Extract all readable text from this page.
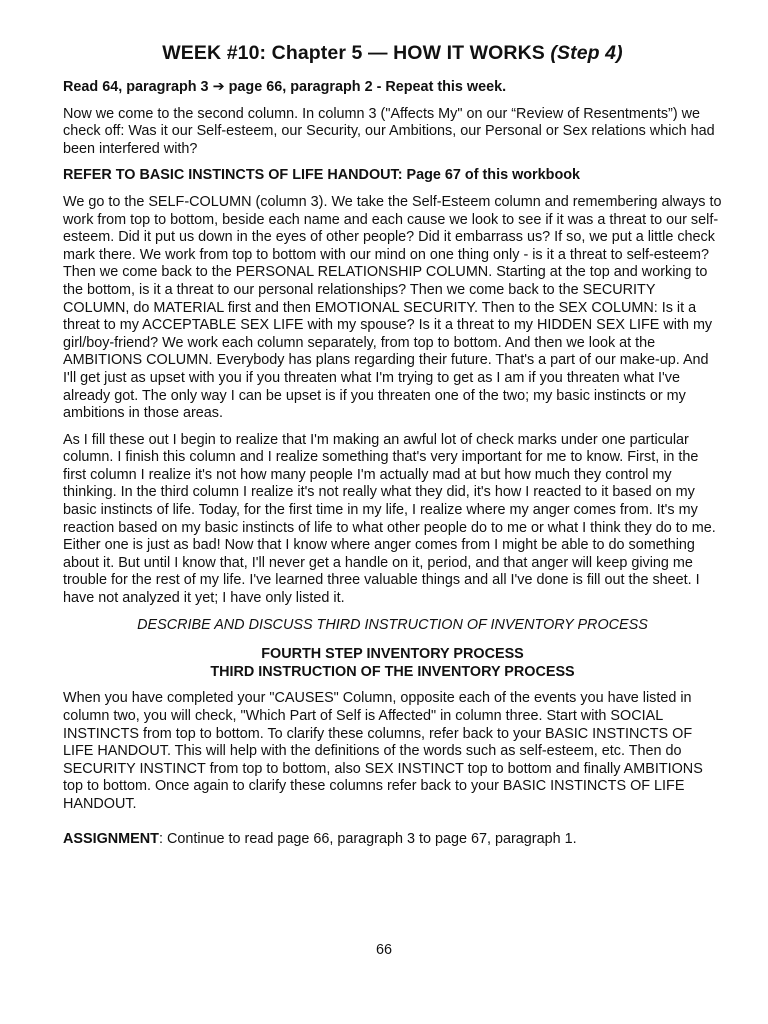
WEEK #10: Chapter 5 — HOW IT WORKS (Step 4)

Read 64, paragraph 3 ➔ page 66, paragraph 2 - Repeat this week.

Now we come to the second column. In column 3 ("Affects My" on our “Review of Resentments”) we check off: Was it our Self-esteem, our Security, our Ambitions, our Personal or Sex relations which had been interfered with?

REFER TO BASIC INSTINCTS OF LIFE HANDOUT: Page 67 of this workbook

We go to the SELF-COLUMN (column 3). We take the Self-Esteem column and remembering always to work from top to bottom, beside each name and each cause we look to see if it was a threat to our self-esteem. Did it put us down in the eyes of other people? Did it embarrass us? If so, we put a little check mark there. We work from top to bottom with our mind on one thing only - is it a threat to self-esteem? Then we come back to the PERSONAL RELATIONSHIP COLUMN. Starting at the top and working to the bottom, is it a threat to our personal relationships? Then we come back to the SECURITY COLUMN, do MATERIAL first and then EMOTIONAL SECURITY. Then to the SEX COLUMN: Is it a threat to my ACCEPTABLE SEX LIFE with my spouse? Is it a threat to my HIDDEN SEX LIFE with my girl/boy-friend? We work each column separately, from top to bottom. And then we look at the AMBITIONS COLUMN. Everybody has plans regarding their future. That's a part of our make-up. And I'll get just as upset with you if you threaten what I'm trying to get as I am if you threaten what I've already got. The only way I can be upset is if you threaten one of the two; my basic instincts or my ambitions in those areas.

As I fill these out I begin to realize that I'm making an awful lot of check marks under one particular column. I finish this column and I realize something that's very important for me to know. First, in the first column I realize it's not how many people I'm actually mad at but how much they control my thinking. In the third column I realize it's not really what they did, it's how I reacted to it based on my basic instincts of life. Today, for the first time in my life, I realize where my anger comes from. It's my reaction based on my basic instincts of life to what other people do to me or what I think they do to me. Either one is just as bad! Now that I know where anger comes from I might be able to do something about it. But until I know that, I'll never get a handle on it, period, and that anger will keep giving me trouble for the rest of my life. I've learned three valuable things and all I've done is fill out the sheet. I have not analyzed it yet; I have only listed it.

DESCRIBE AND DISCUSS THIRD INSTRUCTION OF INVENTORY PROCESS

FOURTH STEP INVENTORY PROCESS

THIRD INSTRUCTION OF THE INVENTORY PROCESS

When you have completed your "CAUSES" Column, opposite each of the events you have listed in column two, you will check, "Which Part of Self is Affected" in column three. Start with SOCIAL INSTINCTS from top to bottom. To clarify these columns, refer back to your BASIC INSTINCTS OF LIFE HANDOUT. This will help with the definitions of the words such as self-esteem, etc. Then do SECURITY INSTINCT from top to bottom, also SEX INSTINCT top to bottom and finally AMBITIONS top to bottom. Once again to clarify these columns refer back to your BASIC INSTINCTS OF LIFE HANDOUT.

ASSIGNMENT: Continue to read page 66, paragraph 3 to page 67, paragraph 1.

66
